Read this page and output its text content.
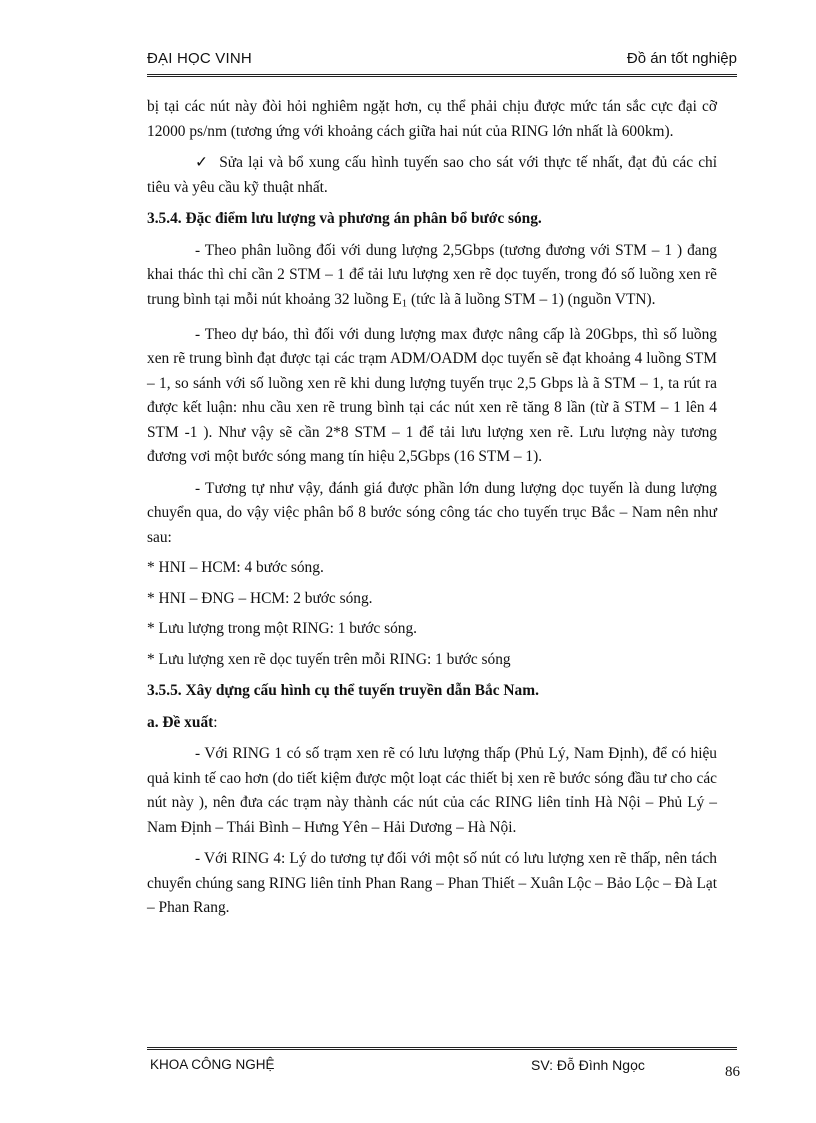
ĐẠI HỌC VINH	Đồ án tốt nghiệp

bị tại các nút này đòi hỏi nghiêm ngặt hơn, cụ thể phải chịu được mức tán sắc cực đại cỡ 12000 ps/nm (tương ứng với khoảng cách giữa hai nút của RING lớn nhất là 600km).

✓ Sửa lại và bổ xung cấu hình tuyến sao cho sát với thực tế nhất, đạt đủ các chỉ tiêu và yêu cầu kỹ thuật nhất.

3.5.4. Đặc điểm lưu lượng và phương án phân bổ bước sóng.

- Theo phân luồng đối với dung lượng 2,5Gbps (tương đương với STM – 1 ) đang khai thác thì chỉ cần 2 STM – 1 để tải lưu lượng xen rẽ dọc tuyến, trong đó số luồng xen rẽ trung bình tại mỗi nút khoảng 32 luồng $E_1$ (tức là ã luồng STM – 1) (nguồn VTN).

- Theo dự báo, thì đối với dung lượng max được nâng cấp là 20Gbps, thì số luồng xen rẽ trung bình đạt được tại các trạm ADM/OADM dọc tuyến sẽ đạt khoảng 4 luồng STM – 1, so sánh với số luồng xen rẽ khi dung lượng tuyến trục 2,5 Gbps là ã STM – 1, ta rút ra được kết luận: nhu cầu xen rẽ trung bình tại các nút xen rẽ tăng 8 lần (từ ã STM – 1 lên 4 STM -1 ). Như vậy sẽ cần 2*8 STM – 1 để tải lưu lượng xen rẽ. Lưu lượng này tương đương vơi một bước sóng mang tín hiệu 2,5Gbps (16 STM – 1).

- Tương tự như vậy, đánh giá được phần lớn dung lượng dọc tuyến là dung lượng chuyển qua, do vậy việc phân bổ 8 bước sóng công tác cho tuyến trục Bắc – Nam nên như sau:

* HNI – HCM: 4 bước sóng.

* HNI – ĐNG – HCM: 2 bước sóng.

* Lưu lượng trong một RING: 1 bước sóng.

* Lưu lượng xen rẽ dọc tuyến trên mỗi RING: 1 bước sóng

3.5.5. Xây dựng cấu hình cụ thể tuyến truyền dẫn Bắc Nam.

a. Đề xuất:

- Với RING 1 có số trạm xen rẽ có lưu lượng thấp (Phủ Lý, Nam Định), để có hiệu quả kinh tế cao hơn (do tiết kiệm được một loạt các thiết bị xen rẽ bước sóng đầu tư cho các nút này ), nên đưa các trạm này thành các nút của các RING liên tỉnh Hà Nội – Phủ Lý – Nam Định – Thái Bình – Hưng Yên – Hải Dương – Hà Nội.

- Với RING 4: Lý do tương tự đối với một số nút có lưu lượng xen rẽ thấp, nên tách chuyển chúng sang RING liên tỉnh Phan Rang – Phan Thiết – Xuân Lộc – Bảo Lộc – Đà Lạt – Phan Rang.

KHOA CÔNG NGHỆ	SV: Đỗ Đình Ngọc	86
